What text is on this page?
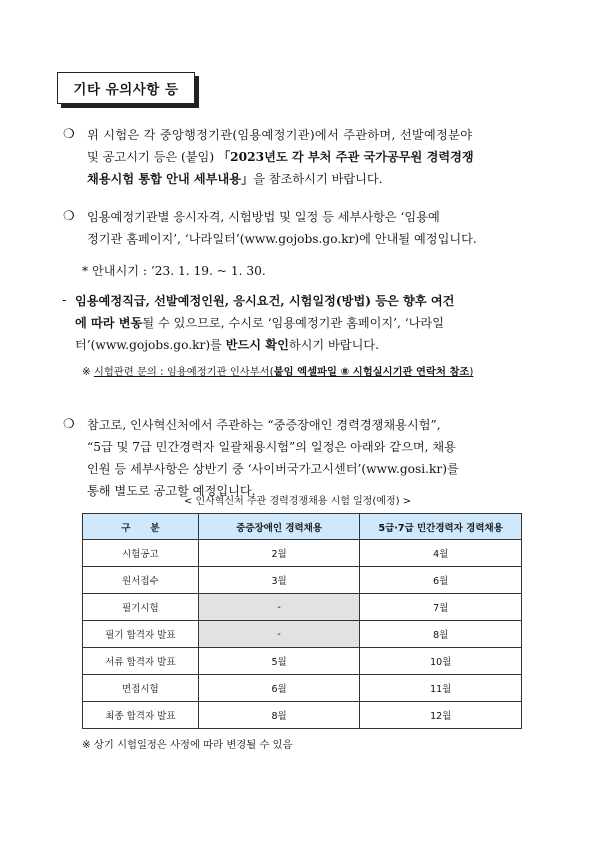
기타 유의사항 등
❍ 위 시험은 각 중앙행정기관(임용예정기관)에서 주관하며, 선발예정분야
및 공고시기 등은 (붙임) 「2023년도 각 부처 주관 국가공무원 경력경쟁
채용시험 통합 안내 세부내용」을 참조하시기 바랍니다.
❍ 임용예정기관별 응시자격, 시험방법 및 일정 등 세부사항은 ‘임용예
정기관 홈페이지’, ‘나라일터’(www.gojobs.go.kr)에 안내될 예정입니다.
* 안내시기 : ’23. 1. 19. ~ 1. 30.
- 임용예정직급, 선발예정인원, 응시요건, 시험일정(방법) 등은 향후 여건
에 따라 변동될 수 있으므로, 수시로 ‘임용예정기관 홈페이지’, ‘나라일
터’(www.gojobs.go.kr)를 반드시 확인하시기 바랍니다.
※ 시험관련 문의 : 임용예정기관 인사부서(붙임 엑셀파일 ⑧ 시험실시기관 연락처 참조)
❍ 참고로, 인사혁신처에서 주관하는 “중증장애인 경력경쟁채용시험”,
“5급 및 7급 민간경력자 일괄채용시험”의 일정은 아래와 같으며, 채용
인원 등 세부사항은 상반기 중 ‘사이버국가고시센터’(www.gosi.kr)를
통해 별도로 공고할 예정입니다.
< 인사혁신처 주관 경력경쟁채용 시험 일정(예정) >
구      분	중증장애인 경력채용	5급·7급 민간경력자 경력채용
시험공고	2월	4월
원서접수	3월	6월
필기시험	-	7월
필기 합격자 발표	-	8월
서류 합격자 발표	5월	10월
면접시험	6월	11월
최종 합격자 발표	8월	12월
※ 상기 시험일정은 사정에 따라 변경될 수 있음
